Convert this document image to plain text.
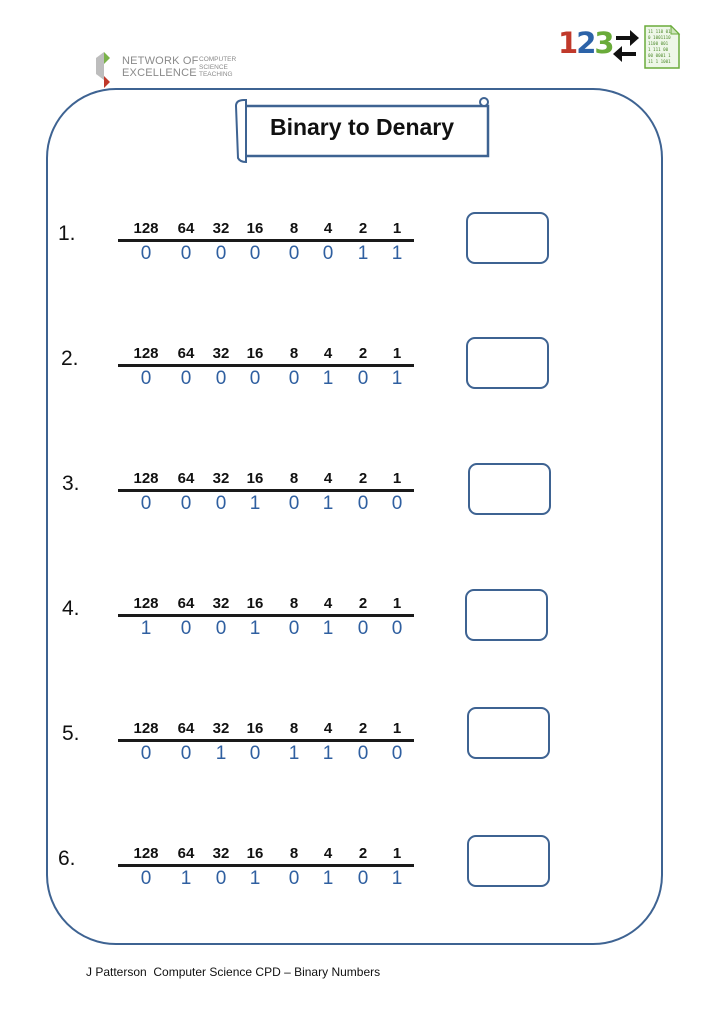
NETWORK OF
EXCELLENCE
COMPUTER
SCIENCE
TEACHING
123	11 110 01
0 1001110
1100 001
1 111 00
00 0001 1
11 1 1001
Binary to Denary
1.	128 64 32 16 8 4 2 1
0 0 0 0 0 0 1 1
2.	128 64 32 16 8 4 2 1
0 0 0 0 0 1 0 1
3.	128 64 32 16 8 4 2 1
0 0 0 1 0 1 0 0
4.	128 64 32 16 8 4 2 1
1 0 0 1 0 1 0 0
5.	128 64 32 16 8 4 2 1
0 0 1 0 1 1 0 0
6.	128 64 32 16 8 4 2 1
0 1 0 1 0 1 0 1
J Patterson  Computer Science CPD – Binary Numbers
